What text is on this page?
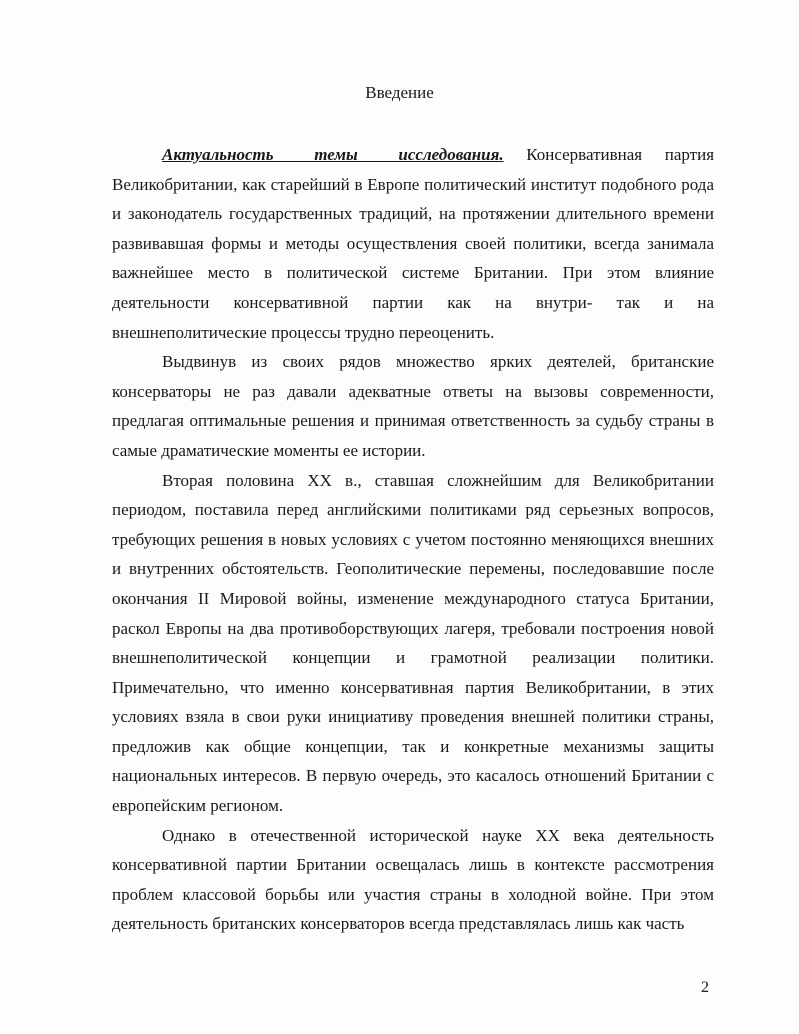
Введение

Актуальность темы исследования. Консервативная партия Великобритании, как старейший в Европе политический институт подобного рода и законодатель государственных традиций, на протяжении длительного времени развивавшая формы и методы осуществления своей политики, всегда занимала важнейшее место в политической системе Британии. При этом влияние деятельности консервативной партии как на внутри- так и на внешнеполитические процессы трудно переоценить.

Выдвинув из своих рядов множество ярких деятелей, британские консерваторы не раз давали адекватные ответы на вызовы современности, предлагая оптимальные решения и принимая ответственность за судьбу страны в самые драматические моменты ее истории.

Вторая половина XX в., ставшая сложнейшим для Великобритании периодом, поставила перед английскими политиками ряд серьезных вопросов, требующих решения в новых условиях с учетом постоянно меняющихся внешних и внутренних обстоятельств. Геополитические перемены, последовавшие после окончания II Мировой войны, изменение международного статуса Британии, раскол Европы на два противоборствующих лагеря, требовали построения новой внешнеполитической концепции и грамотной реализации политики. Примечательно, что именно консервативная партия Великобритании, в этих условиях взяла в свои руки инициативу проведения внешней политики страны, предложив как общие концепции, так и конкретные механизмы защиты национальных интересов. В первую очередь, это касалось отношений Британии с европейским регионом.

Однако в отечественной исторической науке XX века деятельность консервативной партии Британии освещалась лишь в контексте рассмотрения проблем классовой борьбы или участия страны в холодной войне. При этом деятельность британских консерваторов всегда представлялась лишь как часть

2
